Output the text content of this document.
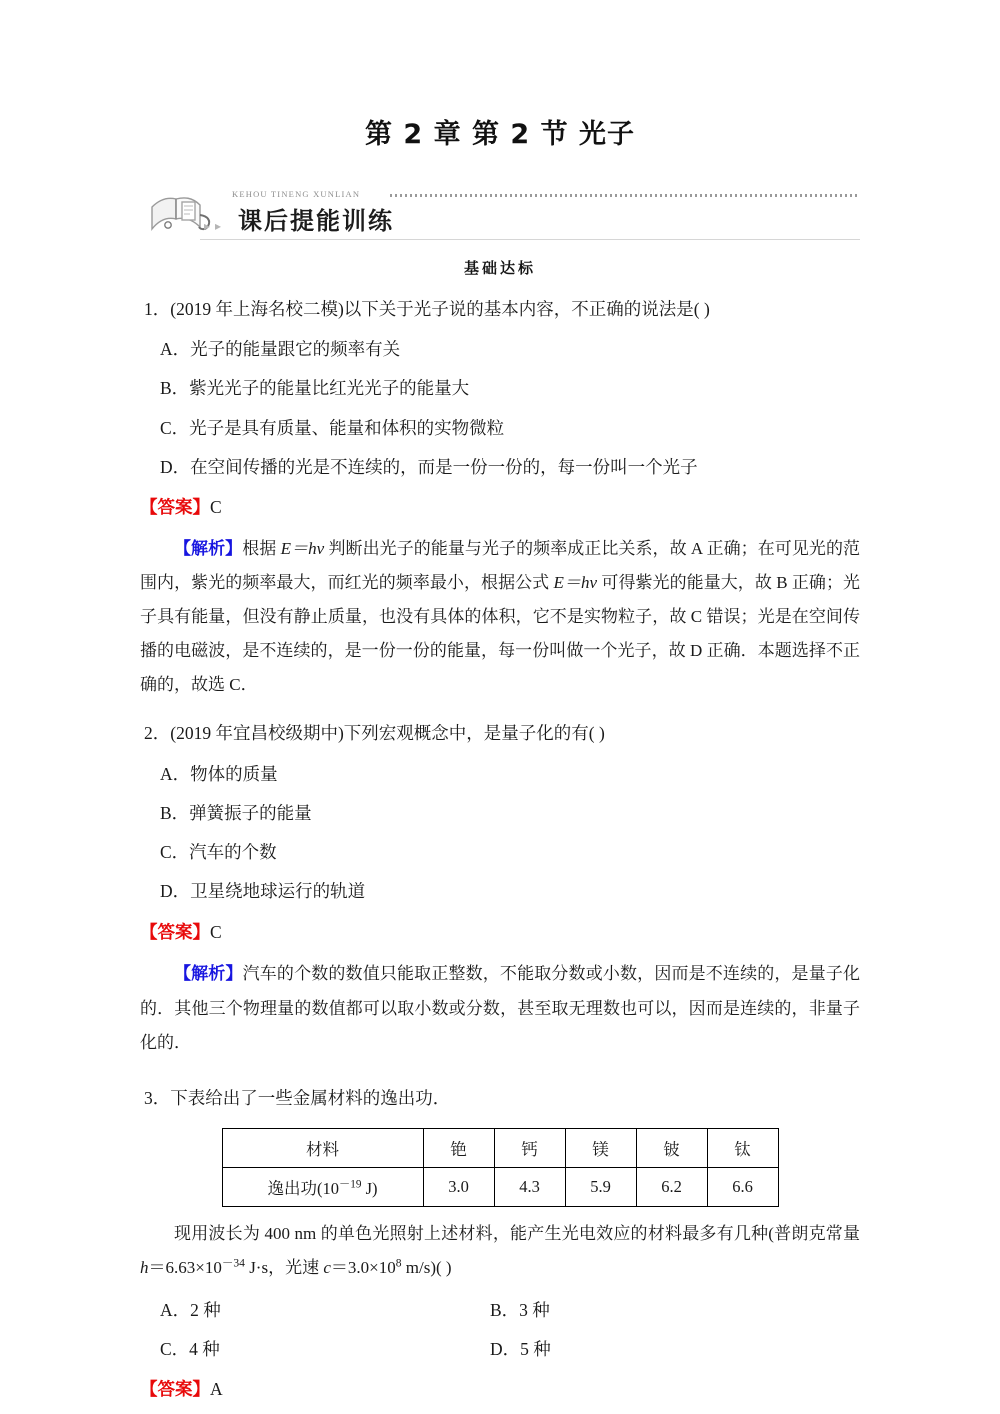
第 2 章 第 2 节 光子
KEHOU TINENG XUNLIAN
▸ ▸ 课后提能训练
基础达标
1．(2019 年上海名校二模)以下关于光子说的基本内容，不正确的说法是( )
A．光子的能量跟它的频率有关
B．紫光光子的能量比红光光子的能量大
C．光子是具有质量、能量和体积的实物微粒
D．在空间传播的光是不连续的，而是一份一份的，每一份叫一个光子
【答案】C
【解析】根据 E＝hν 判断出光子的能量与光子的频率成正比关系，故 A 正确；在可见光的范围内，紫光的频率最大，而红光的频率最小，根据公式 E＝hν 可得紫光的能量大，故 B 正确；光子具有能量，但没有静止质量，也没有具体的体积，它不是实物粒子，故 C 错误；光是在空间传播的电磁波，是不连续的，是一份一份的能量，每一份叫做一个光子，故 D 正确．本题选择不正确的，故选 C．
2．(2019 年宜昌校级期中)下列宏观概念中，是量子化的有( )
A．物体的质量
B．弹簧振子的能量
C．汽车的个数
D．卫星绕地球运行的轨道
【答案】C
【解析】汽车的个数的数值只能取正整数，不能取分数或小数，因而是不连续的，是量子化的．其他三个物理量的数值都可以取小数或分数，甚至取无理数也可以，因而是连续的，非量子化的．
3．下表给出了一些金属材料的逸出功．
材料	铯	钙	镁	铍	钛
逸出功($10^{-19}$ J)	3.0	4.3	5.9	6.2	6.6
现用波长为 400 nm 的单色光照射上述材料，能产生光电效应的材料最多有几种(普朗克常量 $h=6.63\times 10^{-34}$ J·s，光速 $c=3.0\times 10^8$ m/s)( )
A．2 种	B．3 种
C．4 种	D．5 种
【答案】A
